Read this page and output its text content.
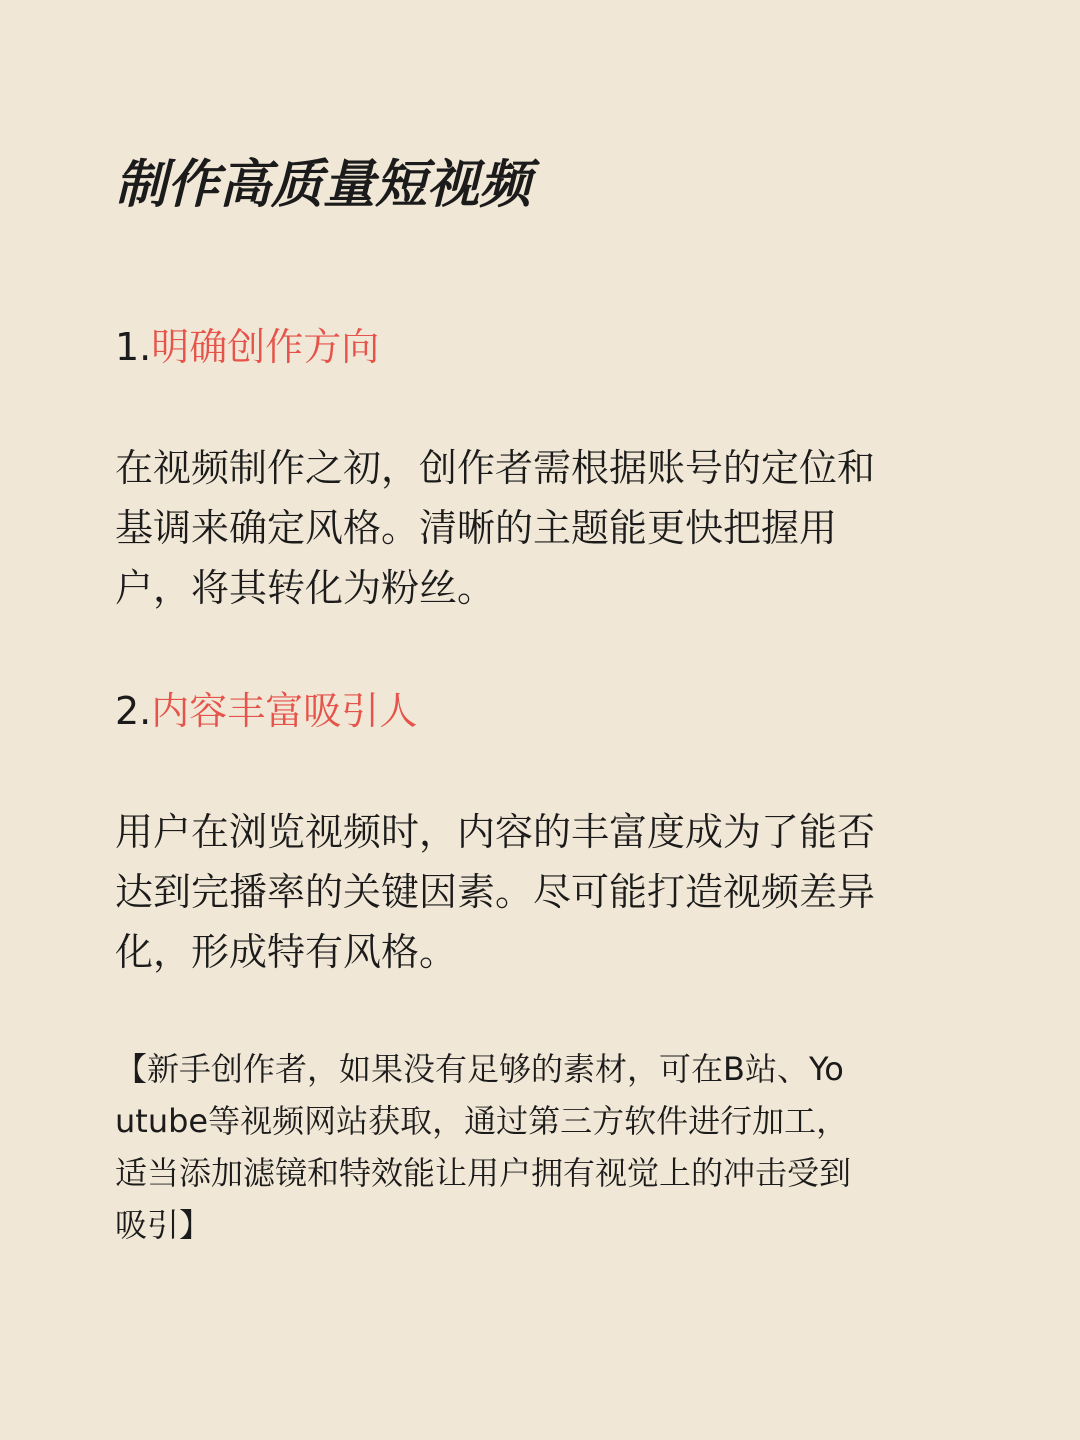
制作高质量短视频
1.明确创作方向

在视频制作之初，创作者需根据账号的定位和
基调来确定风格。清晰的主题能更快把握用
户，将其转化为粉丝。

2.内容丰富吸引人

用户在浏览视频时，内容的丰富度成为了能否
达到完播率的关键因素。尽可能打造视频差异
化，形成特有风格。

【新手创作者，如果没有足够的素材，可在B站、Yo
utube等视频网站获取，通过第三方软件进行加工，
适当添加滤镜和特效能让用户拥有视觉上的冲击受到
吸引】
